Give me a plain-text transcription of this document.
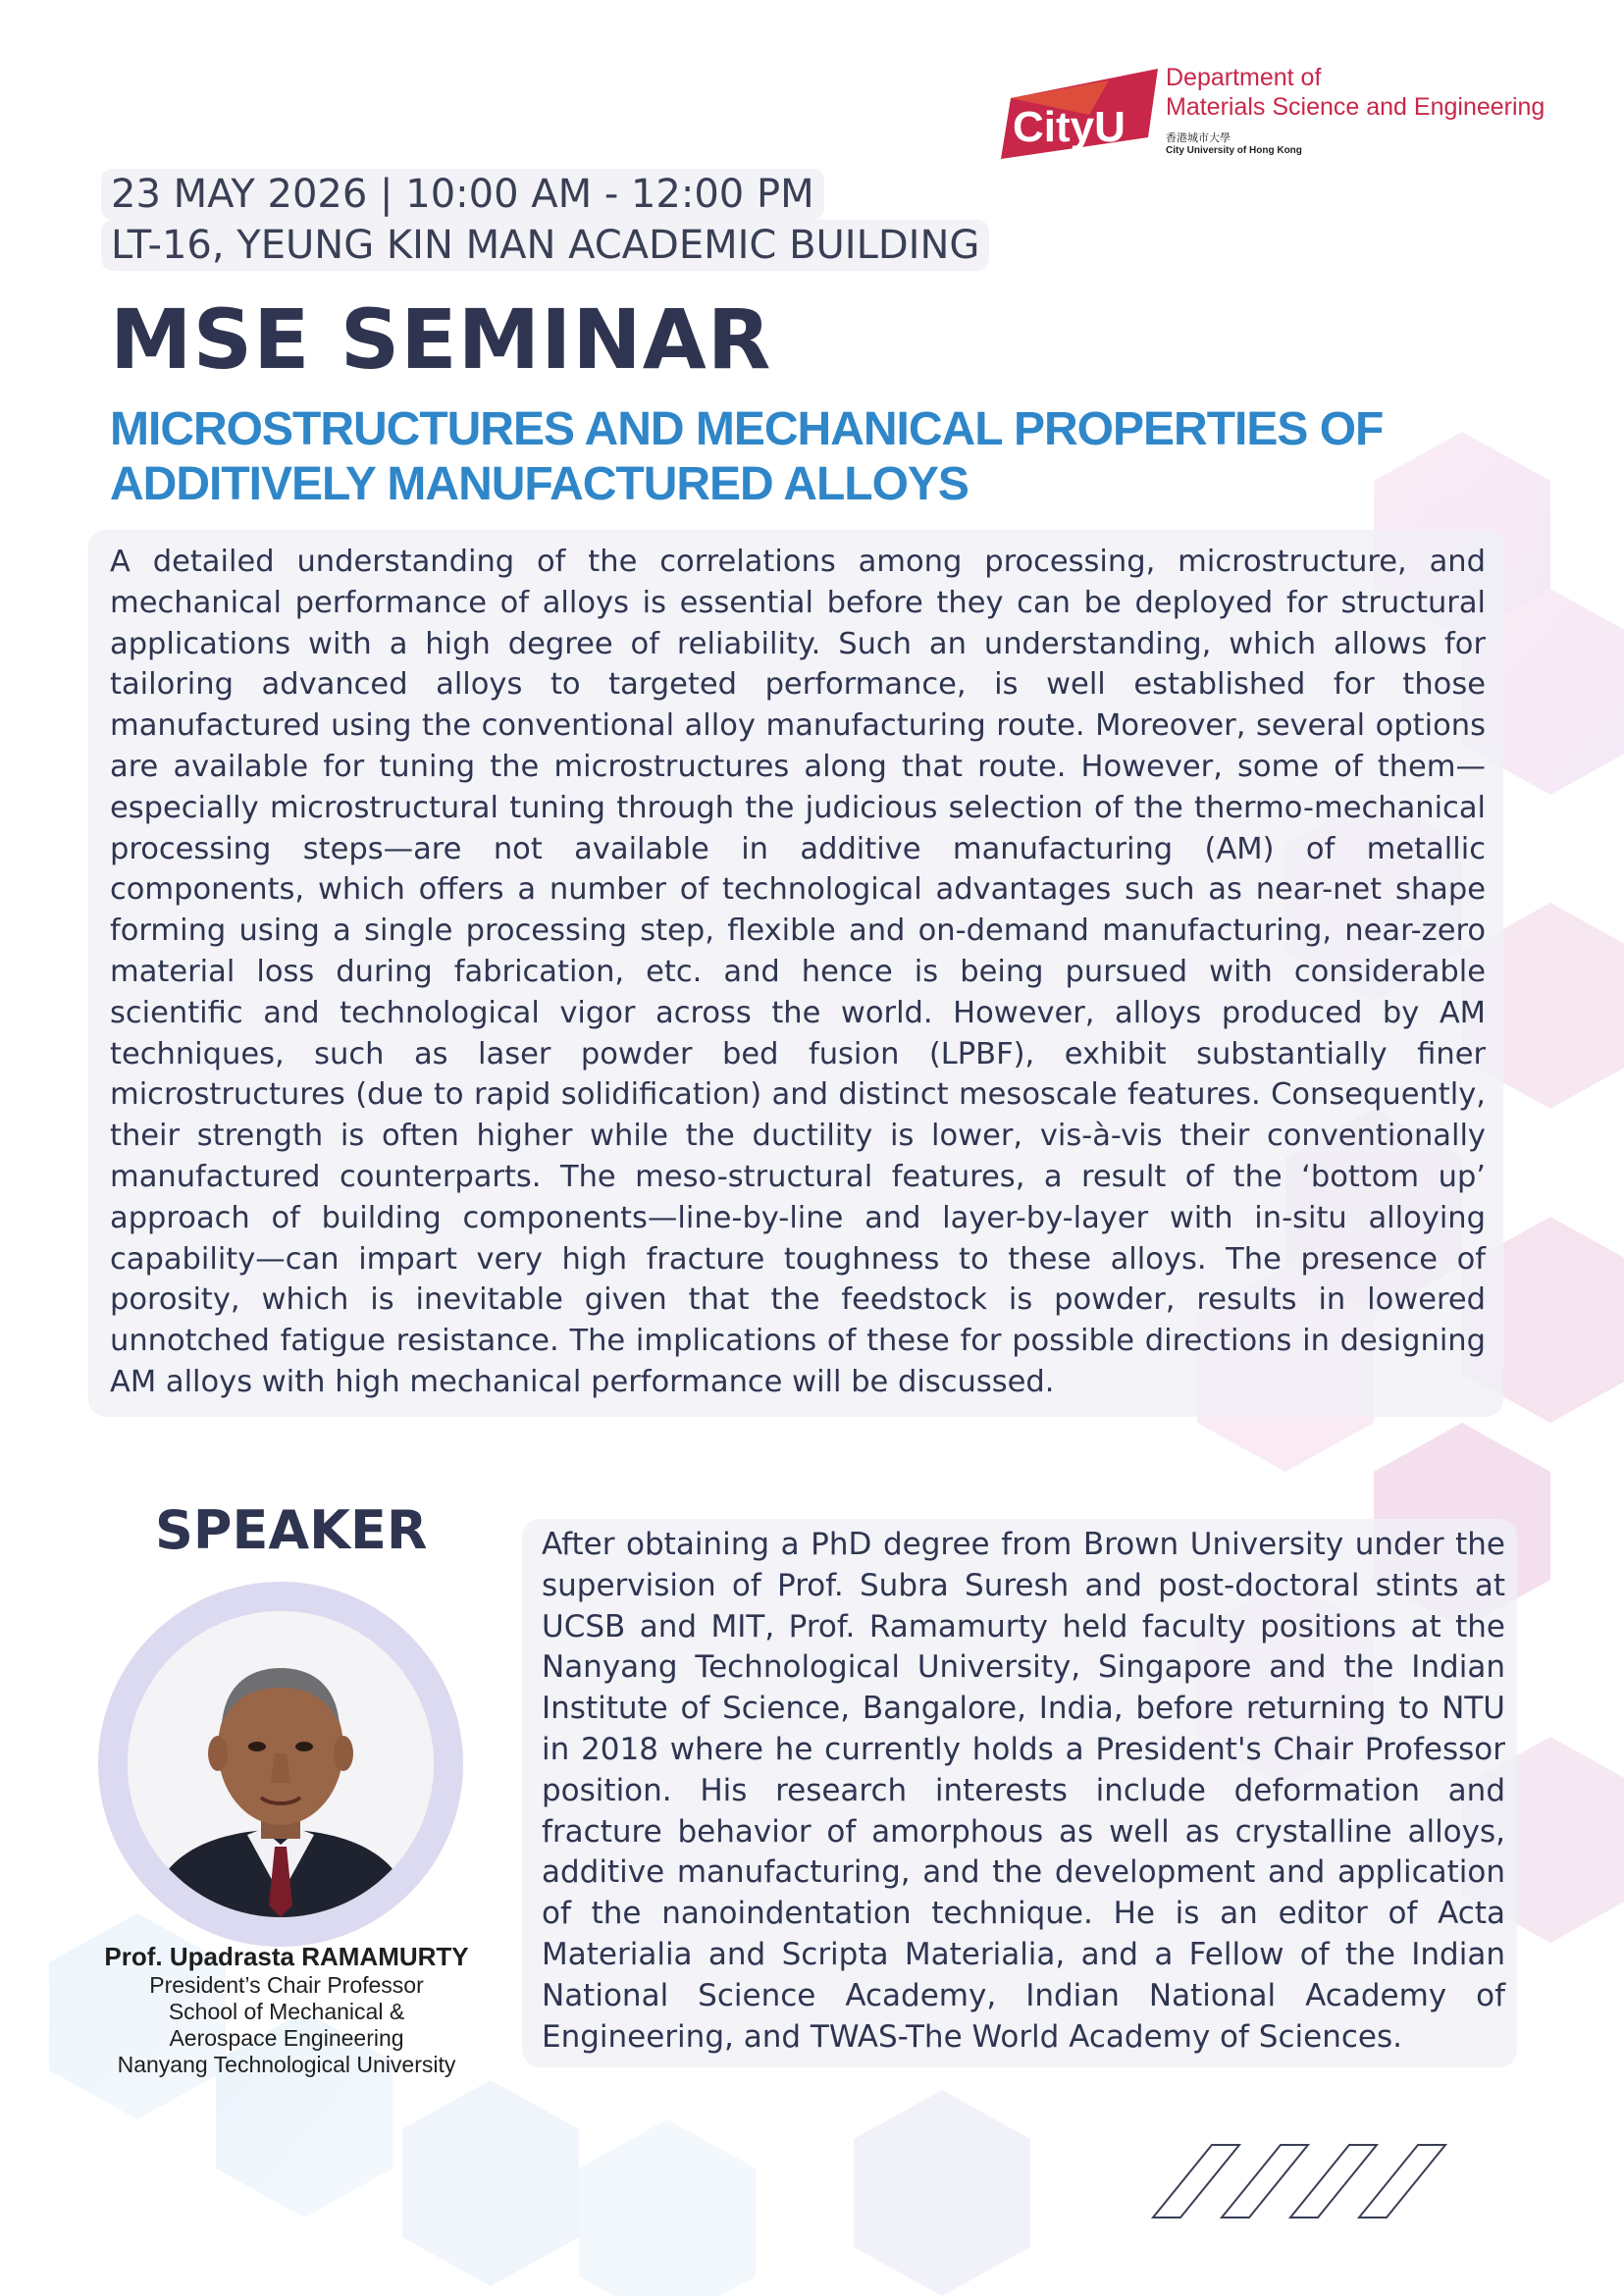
CityU
Department of
Materials Science and Engineering
香港城市大學
City University of Hong Kong
23 MAY 2026 | 10:00 AM - 12:00 PM
LT-16, YEUNG KIN MAN ACADEMIC BUILDING
MSE SEMINAR
MICROSTRUCTURES AND MECHANICAL PROPERTIES OF ADDITIVELY MANUFACTURED ALLOYS

A detailed understanding of the correlations among processing, microstructure, and mechanical performance of alloys is essential before they can be deployed for structural applications with a high degree of reliability. Such an understanding, which allows for tailoring advanced alloys to targeted performance, is well established for those manufactured using the conventional alloy manufacturing route. Moreover, several options are available for tuning the microstructures along that route. However, some of them—especially microstructural tuning through the judicious selection of the thermo-mechanical processing steps—are not available in additive manufacturing (AM) of metallic components, which offers a number of technological advantages such as near-net shape forming using a single processing step, flexible and on-demand manufacturing, near-zero material loss during fabrication, etc. and hence is being pursued with considerable scientific and technological vigor across the world. However, alloys produced by AM techniques, such as laser powder bed fusion (LPBF), exhibit substantially finer microstructures (due to rapid solidification) and distinct mesoscale features. Consequently, their strength is often higher while the ductility is lower, vis-à-vis their conventionally manufactured counterparts. The meso-structural features, a result of the ‘bottom up’ approach of building components—line-by-line and layer-by-layer with in-situ alloying capability—can impart very high fracture toughness to these alloys. The presence of porosity, which is inevitable given that the feedstock is powder, results in lowered unnotched fatigue resistance. The implications of these for possible directions in designing AM alloys with high mechanical performance will be discussed.

SPEAKER
Prof. Upadrasta RAMAMURTY
President’s Chair Professor
School of Mechanical &
Aerospace Engineering
Nanyang Technological University

After obtaining a PhD degree from Brown University under the supervision of Prof. Subra Suresh and post-doctoral stints at UCSB and MIT, Prof. Ramamurty held faculty positions at the Nanyang Technological University, Singapore and the Indian Institute of Science, Bangalore, India, before returning to NTU in 2018 where he currently holds a President's Chair Professor position. His research interests include deformation and fracture behavior of amorphous as well as crystalline alloys, additive manufacturing, and the development and application of the nanoindentation technique. He is an editor of Acta Materialia and Scripta Materialia, and a Fellow of the Indian National Science Academy, Indian National Academy of Engineering, and TWAS-The World Academy of Sciences.
